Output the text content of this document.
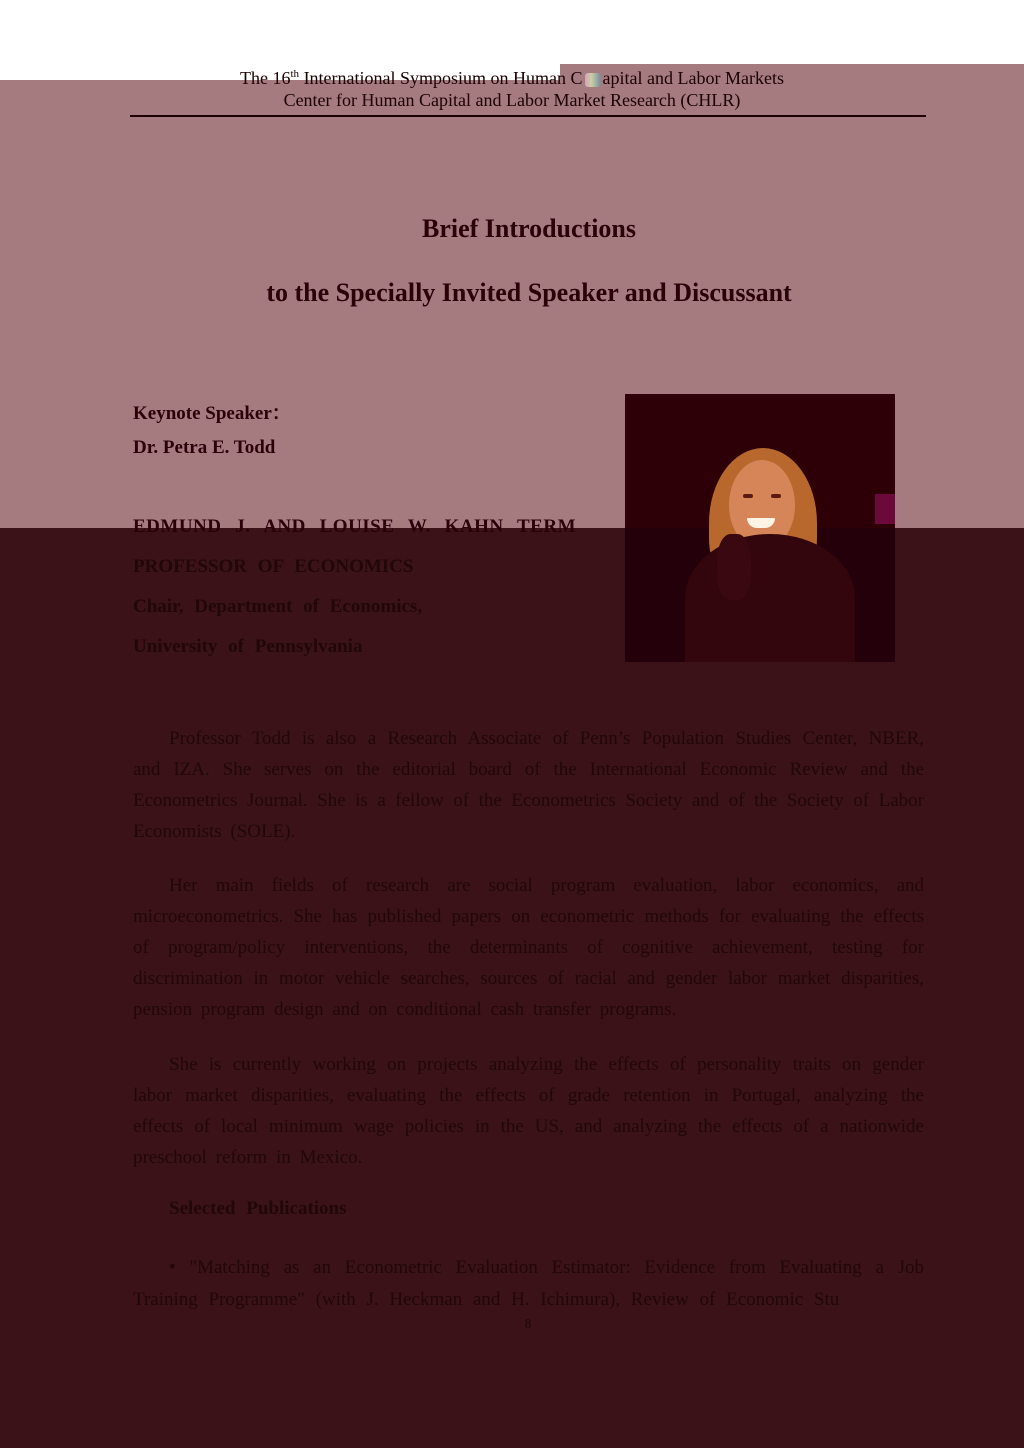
The 16th International Symposium on Human C apital and Labor Markets
Center for Human Capital and Labor Market Research (CHLR)
Brief Introductions
to the Specially Invited Speaker and Discussant
Keynote Speaker：
Dr. Petra E. Todd
EDMUND J. AND LOUISE W. KAHN TERM
PROFESSOR OF ECONOMICS
Chair, Department of Economics,
University of Pennsylvania
Professor Todd is also a Research Associate of Penn’s Population Studies Center, NBER, and IZA. She serves on the editorial board of the International Economic Review and the Econometrics Journal. She is a fellow of the Econometrics Society and of the Society of Labor Economists (SOLE).
Her main fields of research are social program evaluation, labor economics, and microeconometrics. She has published papers on econometric methods for evaluating the effects of program/policy interventions, the determinants of cognitive achievement, testing for discrimination in motor vehicle searches, sources of racial and gender labor market disparities, pension program design and on conditional cash transfer programs.
She is currently working on projects analyzing the effects of personality traits on gender labor market disparities, evaluating the effects of grade retention in Portugal, analyzing the effects of local minimum wage policies in the US, and analyzing the effects of a nationwide preschool reform in Mexico.
Selected Publications
• "Matching as an Econometric Evaluation Estimator: Evidence from Evaluating a Job Training Programme" (with J. Heckman and H. Ichimura), Review of Economic Stu
8
